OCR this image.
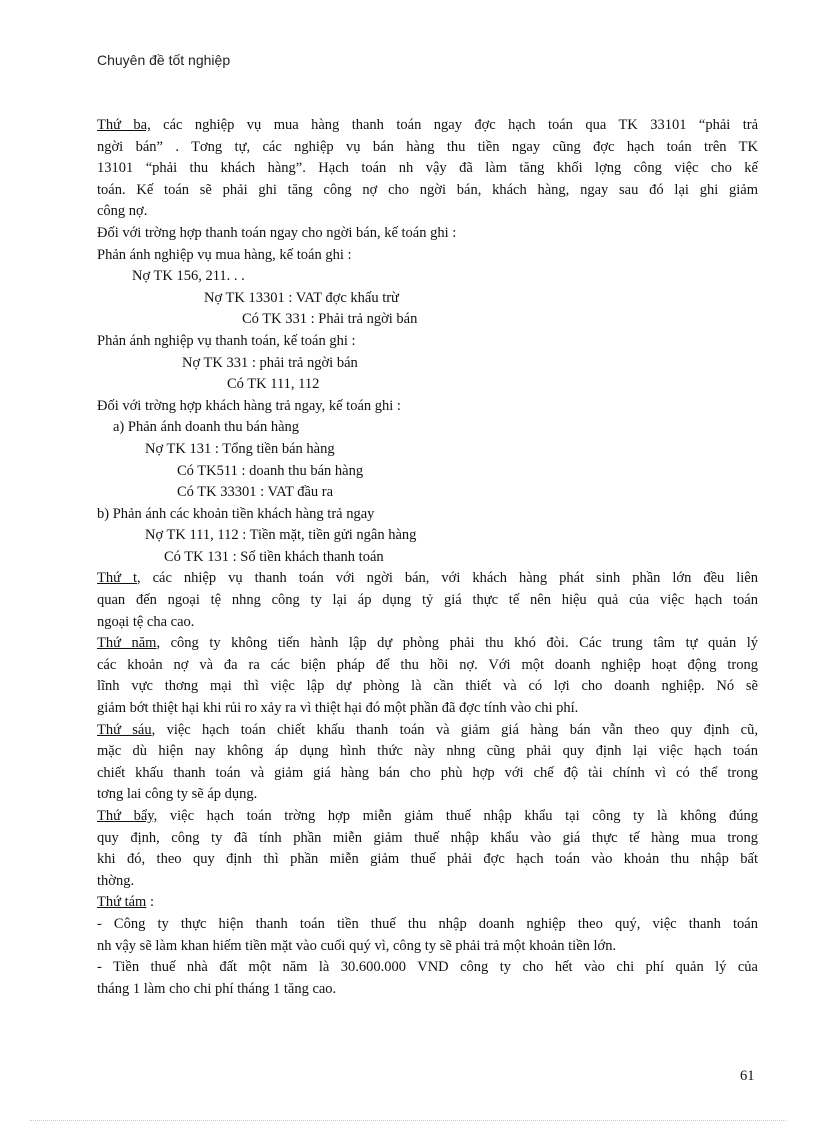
Chuyên đề tốt nghiệp
Thứ ba, các nghiệp vụ mua hàng thanh toán ngay đợc hạch toán qua TK 33101 “phải trả
ngời bán” . Tơng tự, các nghiệp vụ bán hàng thu tiền ngay cũng đợc hạch toán trên TK
13101 “phải thu khách hàng”. Hạch toán nh vậy đã làm tăng khối lợng công việc cho kế
toán. Kế toán sẽ phải ghi tăng công nợ cho ngời bán, khách hàng, ngay sau đó lại ghi giảm
công nợ.
Đối với trờng hợp thanh toán ngay cho ngời bán, kế toán ghi :
Phản ánh nghiệp vụ mua hàng, kế toán ghi :
Nợ TK 156, 211. . .
Nợ TK 13301 : VAT đợc khấu trừ
Có TK 331 : Phải trả ngời bán
Phản ánh nghiệp vụ thanh toán, kế toán ghi :
Nợ TK 331 : phải trả ngời bán
Có TK 111, 112
Đối với trờng hợp khách hàng trả ngay, kế toán ghi :
a) Phản ánh doanh thu bán hàng
Nợ TK 131 : Tổng tiền bán hàng
Có TK511 : doanh thu bán hàng
Có TK 33301 : VAT đầu ra
b) Phản ánh các khoản tiền khách hàng trả ngay
Nợ TK 111, 112 : Tiền mặt, tiền gửi ngân hàng
Có TK 131 : Số tiền khách thanh toán
Thứ t, các nhiệp vụ thanh toán với ngời bán, với khách hàng phát sinh phần lớn đều liên
quan đến ngoại tệ nhng công ty lại áp dụng tỷ giá thực tế nên hiệu quả của việc hạch toán
ngoại tệ cha cao.
Thứ năm, công ty không tiến hành lập dự phòng phải thu khó đòi. Các trung tâm tự quản lý
các khoản nợ và đa ra các biện pháp để thu hồi nợ. Với một doanh nghiệp hoạt động trong
lĩnh vực thơng mại thì việc lập dự phòng là cần thiết và có lợi cho doanh nghiệp. Nó sẽ
giảm bớt thiệt hại khi rủi ro xảy ra vì thiệt hại đó một phần đã đợc tính vào chi phí.
Thứ sáu, việc hạch toán chiết khấu thanh toán và giảm giá hàng bán vẫn theo quy định cũ,
mặc dù hiện nay không áp dụng hình thức này nhng cũng phải quy định lại việc hạch toán
chiết khấu thanh toán và giảm giá hàng bán cho phù hợp với chế độ tài chính vì có thể trong
tơng lai công ty sẽ áp dụng.
Thứ bẩy, việc hạch toán trờng hợp miễn giảm thuế nhập khẩu tại công ty là không đúng
quy định, công ty đã tính phần miễn giảm thuế nhập khẩu vào giá thực tế hàng mua trong
khi đó, theo quy định thì phần miễn giảm thuế phải đợc hạch toán vào khoản thu nhập bất
thờng.
Thứ tám :
- Công ty thực hiện thanh toán tiền thuế thu nhập doanh nghiệp theo quý, việc thanh toán
nh vậy sẽ làm khan hiếm tiền mặt vào cuối quý vì, công ty sẽ phải trả một khoản tiền lớn.
- Tiền thuế nhà đất một năm là 30.600.000 VND công ty cho hết vào chi phí quản lý của
tháng 1 làm cho chi phí tháng 1 tăng cao.
61
